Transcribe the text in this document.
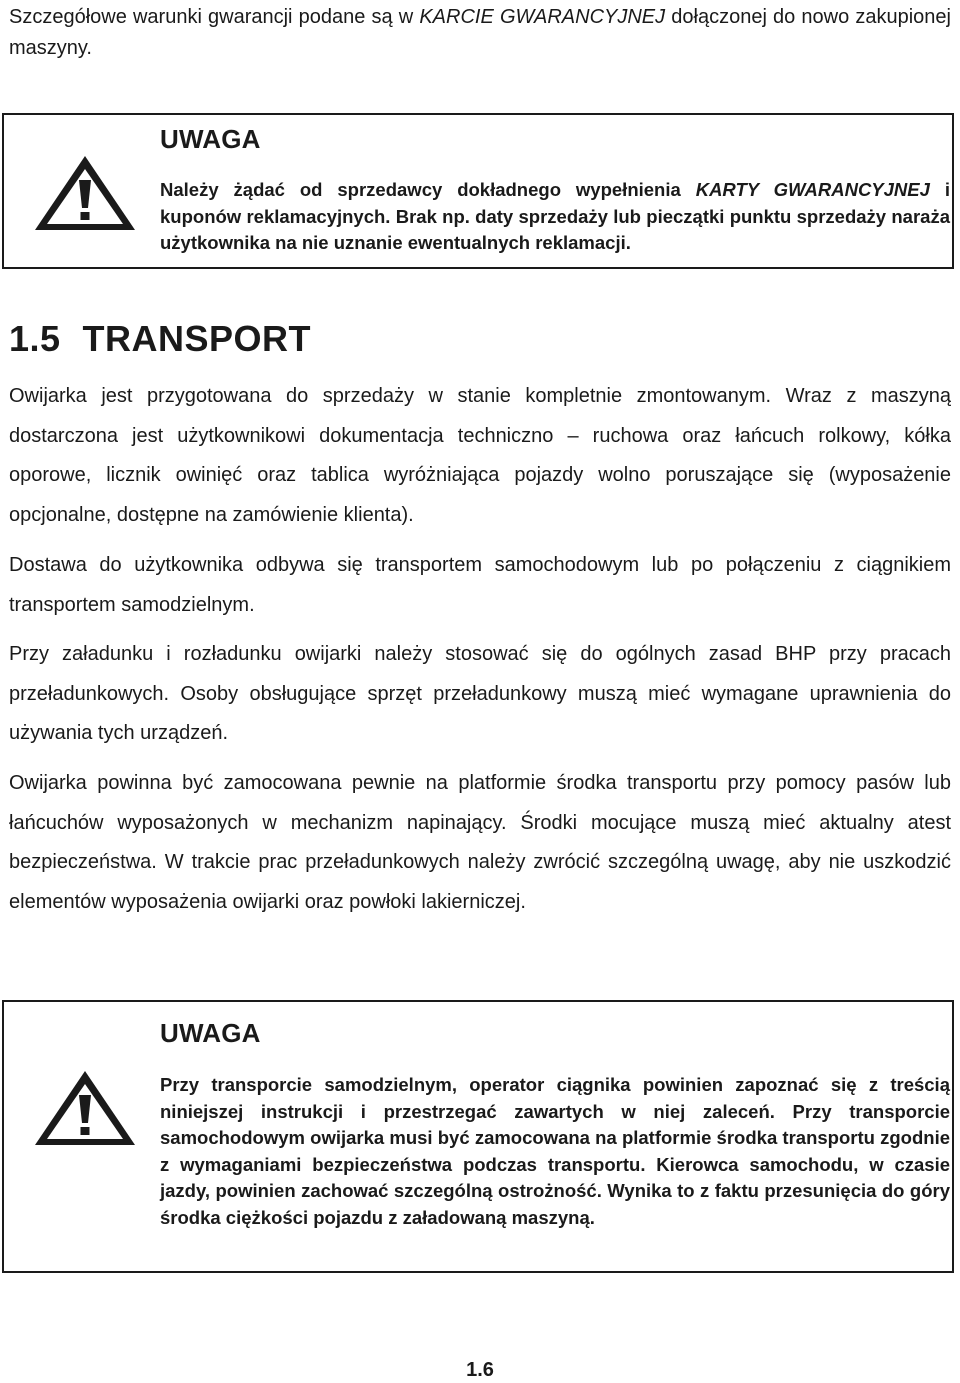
Szczegółowe warunki gwarancji podane są w KARCIE GWARANCYJNEJ dołączonej do nowo zakupionej maszyny.

UWAGA

Należy żądać od sprzedawcy dokładnego wypełnienia KARTY GWARANCYJNEJ i kuponów reklamacyjnych. Brak np. daty sprzedaży lub pieczątki punktu sprzedaży naraża użytkownika na nie uznanie ewentualnych reklamacji.

1.5 TRANSPORT

Owijarka jest przygotowana do sprzedaży w stanie kompletnie zmontowanym. Wraz z maszyną dostarczona jest użytkownikowi dokumentacja techniczno – ruchowa oraz łańcuch rolkowy, kółka oporowe, licznik owinięć oraz tablica wyróżniająca pojazdy wolno poruszające się (wyposażenie opcjonalne, dostępne na zamówienie klienta).

Dostawa do użytkownika odbywa się transportem samochodowym lub po połączeniu z ciągnikiem transportem samodzielnym.

Przy załadunku i rozładunku owijarki należy stosować się do ogólnych zasad BHP przy pracach przeładunkowych. Osoby obsługujące sprzęt przeładunkowy muszą mieć wymagane uprawnienia do używania tych urządzeń.

Owijarka powinna być zamocowana pewnie na platformie środka transportu przy pomocy pasów lub łańcuchów wyposażonych w mechanizm napinający. Środki mocujące muszą mieć aktualny atest bezpieczeństwa. W trakcie prac przeładunkowych należy zwrócić szczególną uwagę, aby nie uszkodzić elementów wyposażenia owijarki oraz powłoki lakierniczej.

UWAGA

Przy transporcie samodzielnym, operator ciągnika powinien zapoznać się z treścią niniejszej instrukcji i przestrzegać zawartych w niej zaleceń. Przy transporcie samochodowym owijarka musi być zamocowana na platformie środka transportu zgodnie z wymaganiami bezpieczeństwa podczas transportu. Kierowca samochodu, w czasie jazdy, powinien zachować szczególną ostrożność. Wynika to z faktu przesunięcia do góry środka ciężkości pojazdu z załadowaną maszyną.

1.6
